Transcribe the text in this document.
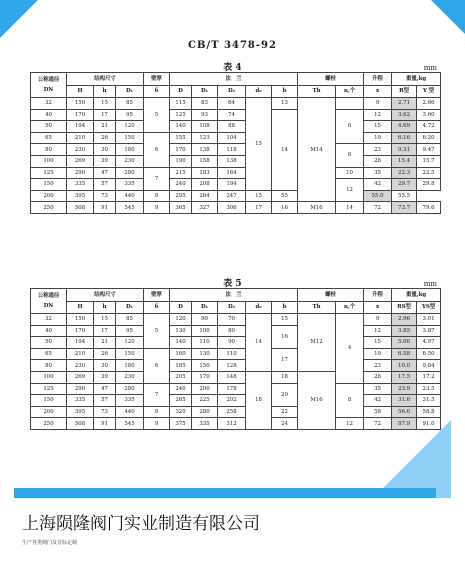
CB/T 3478-92
表 4	mm
公称通径
DN	结构尺寸			壁厚	法　兰					螺栓		升程	重量,kg	
	H	h	D₁	δ	D	D₁	D₂	d₀	b	Th	n,个	x	R型	Y 型
32	150	15	85	5	115	83	64	15	13	M14		9	2.71	2.66
40	170	17	95		125	93	74		14		6	12	3.62	3.60
50	194	21	120		140	108	88					15	4.69	4.72
65	210	26	150	6	155	123	104					19	6.16	6.20
80	230	30	180		170	138	118				8	23	9.31	9.47
100	269	39	230		190	158	138					28	15.4	15.7
125	290	47	280	7	215	183	164				10	35	22.3	22.5
150	335	57	335		240	208	194				12	42	29.7	29.8
200	395	73	440	8	295	264	247	15	55			55.0	55.5	
250	508	91	545	9	365	327	306	17	16	M16	14	72	73.7	79.6
表 5	mm
公称通径
DN	结构尺寸			壁厚	法　兰					螺栓		升程	重量,kg	
	H	h	D₁	δ	D	D₁	D₂	d₀	b	Th	n,个	x	RS型	YS型
32	150	15	85	5	120	90	70	14	15	M12	4	9	2.96	3.01
40	170	17	95		130	100	80		16			12	3.85	3.87
50	194	21	120		140	110	90					15	5.06	4.97
65	210	26	150	6	160	130	110		17			19	6.58	6.50
80	230	30	180		185	150	128					23	10.0	9.84
100	269	39	230		205	170	148	18	18	M16		28	17.5	17.2
125	290	47	280	7	240	200	178		20		8	35	23.9	23.5
150	335	57	335		265	225	202					42	31.6	31.5
200	395	73	440	8	320	280	258		22			58	56.6	58.8
250	508	91	545	9	375	335	312		24		12	72	87.9	91.0
上海陨隆阀门实业制造有限公司
生产各类阀门及非标定制
